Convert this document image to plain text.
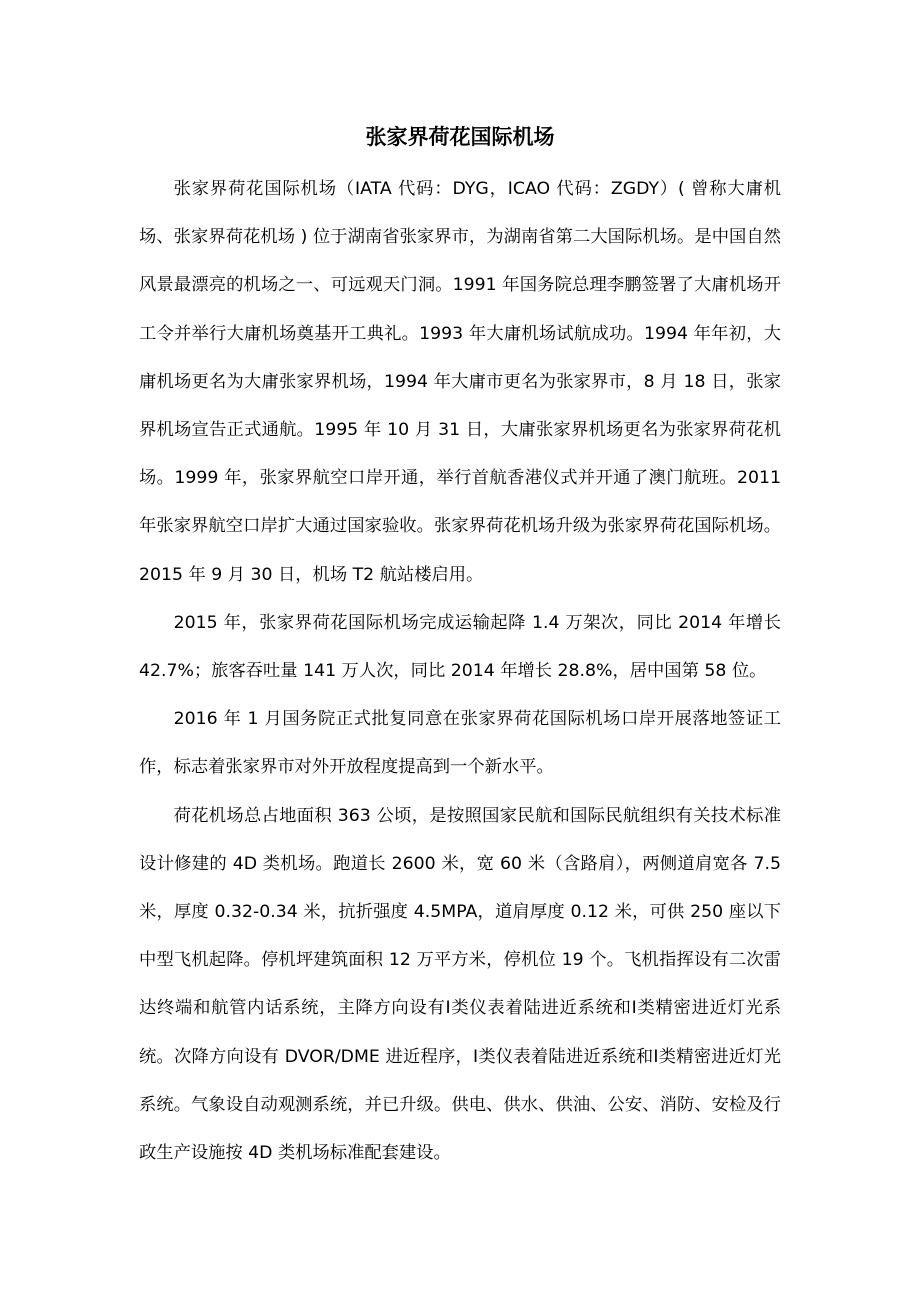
张家界荷花国际机场

张家界荷花国际机场（IATA 代码：DYG，ICAO 代码：ZGDY）( 曾称大庸机场、张家界荷花机场 ) 位于湖南省张家界市，为湖南省第二大国际机场。是中国自然风景最漂亮的机场之一、可远观天门洞。1991 年国务院总理李鹏签署了大庸机场开工令并举行大庸机场奠基开工典礼。1993 年大庸机场试航成功。1994 年年初，大庸机场更名为大庸张家界机场，1994 年大庸市更名为张家界市，8 月 18 日，张家界机场宣告正式通航。1995 年 10 月 31 日，大庸张家界机场更名为张家界荷花机场。1999 年，张家界航空口岸开通，举行首航香港仪式并开通了澳门航班。2011 年张家界航空口岸扩大通过国家验收。张家界荷花机场升级为张家界荷花国际机场。2015 年 9 月 30 日，机场 T2 航站楼启用。

2015 年，张家界荷花国际机场完成运输起降 1.4 万架次，同比 2014 年增长 42.7%；旅客吞吐量 141 万人次，同比 2014 年增长 28.8%，居中国第 58 位。

2016 年 1 月国务院正式批复同意在张家界荷花国际机场口岸开展落地签证工作，标志着张家界市对外开放程度提高到一个新水平。

荷花机场总占地面积 363 公顷，是按照国家民航和国际民航组织有关技术标准设计修建的 4D 类机场。跑道长 2600 米，宽 60 米（含路肩），两侧道肩宽各 7.5 米，厚度 0.32-0.34 米，抗折强度 4.5MPA，道肩厚度 0.12 米，可供 250 座以下中型飞机起降。停机坪建筑面积 12 万平方米，停机位 19 个。飞机指挥设有二次雷达终端和航管内话系统，主降方向设有Ⅰ类仪表着陆进近系统和Ⅰ类精密进近灯光系统。次降方向设有 DVOR/DME 进近程序，Ⅰ类仪表着陆进近系统和Ⅰ类精密进近灯光系统。气象设自动观测系统，并已升级。供电、供水、供油、公安、消防、安检及行政生产设施按 4D 类机场标准配套建设。
